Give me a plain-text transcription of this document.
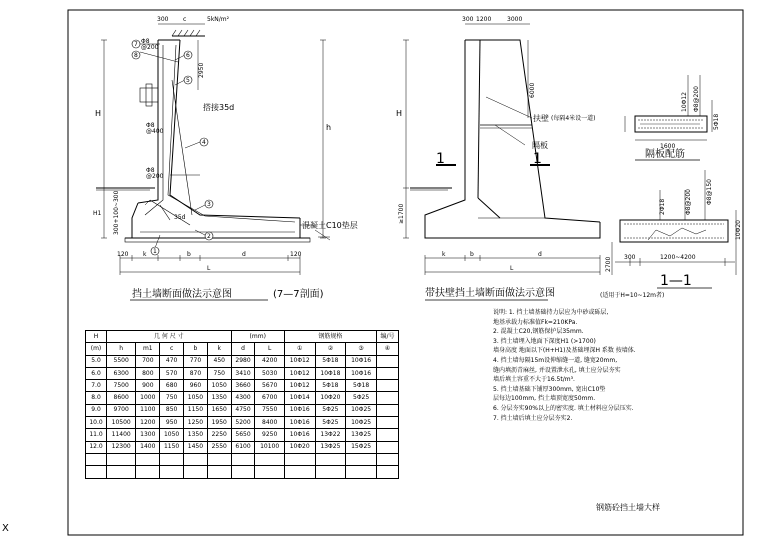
300 c	5kN/m²
H
h
H1
2950
搭接35d
35d
Φ8
@200
Φ8
@400
Φ8
@200
300+100~300	混凝土C10垫层
7
8	6
5
4
3
2
1
120 k	b	d	120
L
挡土墙断面做法示意图	(7—7剖面)
300 1200	3000
H
≥1700
6000
扶壁 (每隔4米设一道)
隔板
1	1
k	b	d
L
带扶壁挡土墙断面做法示意图	(适用于H=10~12m者)
10Φ12 Φ8@200
5Φ18
1600
隔板配筋
2Φ18	Φ8@200 Φ8@150
10Φ20
300	1200~4200
2700
1—1
钢筋砼挡土墙大样
X
H	几 何 尺 寸					(mm)		钢筋规格			编/号
(m)	h	m1	c	b	k	d	L	①	②	③	④
5.0	5500	700	470	770	450	2980	4200	10Φ12	5Φ18	10Φ16	
6.0	6300	800	570	870	750	3410	5030	10Φ12	10Φ18	10Φ16	
7.0	7500	900	680	960	1050	3660	5670	10Φ12	5Φ18	5Φ18	
8.0	8600	1000	750	1050	1350	4300	6700	10Φ14	10Φ20	5Φ25	
9.0	9700	1100	850	1150	1650	4750	7550	10Φ16	5Φ25	10Φ25	
10.0	10500	1200	950	1250	1950	5200	8400	10Φ16	5Φ25	10Φ25	
11.0	11400	1300	1050	1350	2250	5650	9250	10Φ16	13Φ22	13Φ25	
12.0	12300	1400	1150	1450	2550	6100	10100	10Φ20	13Φ25	15Φ25	

说明: 1. 挡土墙基础持力层应为中砂或砾层,
地基承载力标准值Fk=210KPa.
2. 混凝土C20,钢筋保护层35mm.
3. 挡土墙埋入地面下深度H1 (>1700)
墙身高度 地面以下(H+H1)及基础埋深H 系数 按墙体.
4. 挡土墙每隔15m设伸缩缝一道, 缝宽20mm,
缝内填沥青麻丝, 并设置泄水孔, 填土应分层夯实
墙后填土容重不大于16.5t/m³.
5. 挡土墙基础下铺厚300mm, 宽出C10垫
层每边100mm, 挡土墙顶宽度50mm.
6. 分层夯实90%以上的密实度. 填土材料应分层压实.
7. 挡土墙后填土应分层夯实2.
